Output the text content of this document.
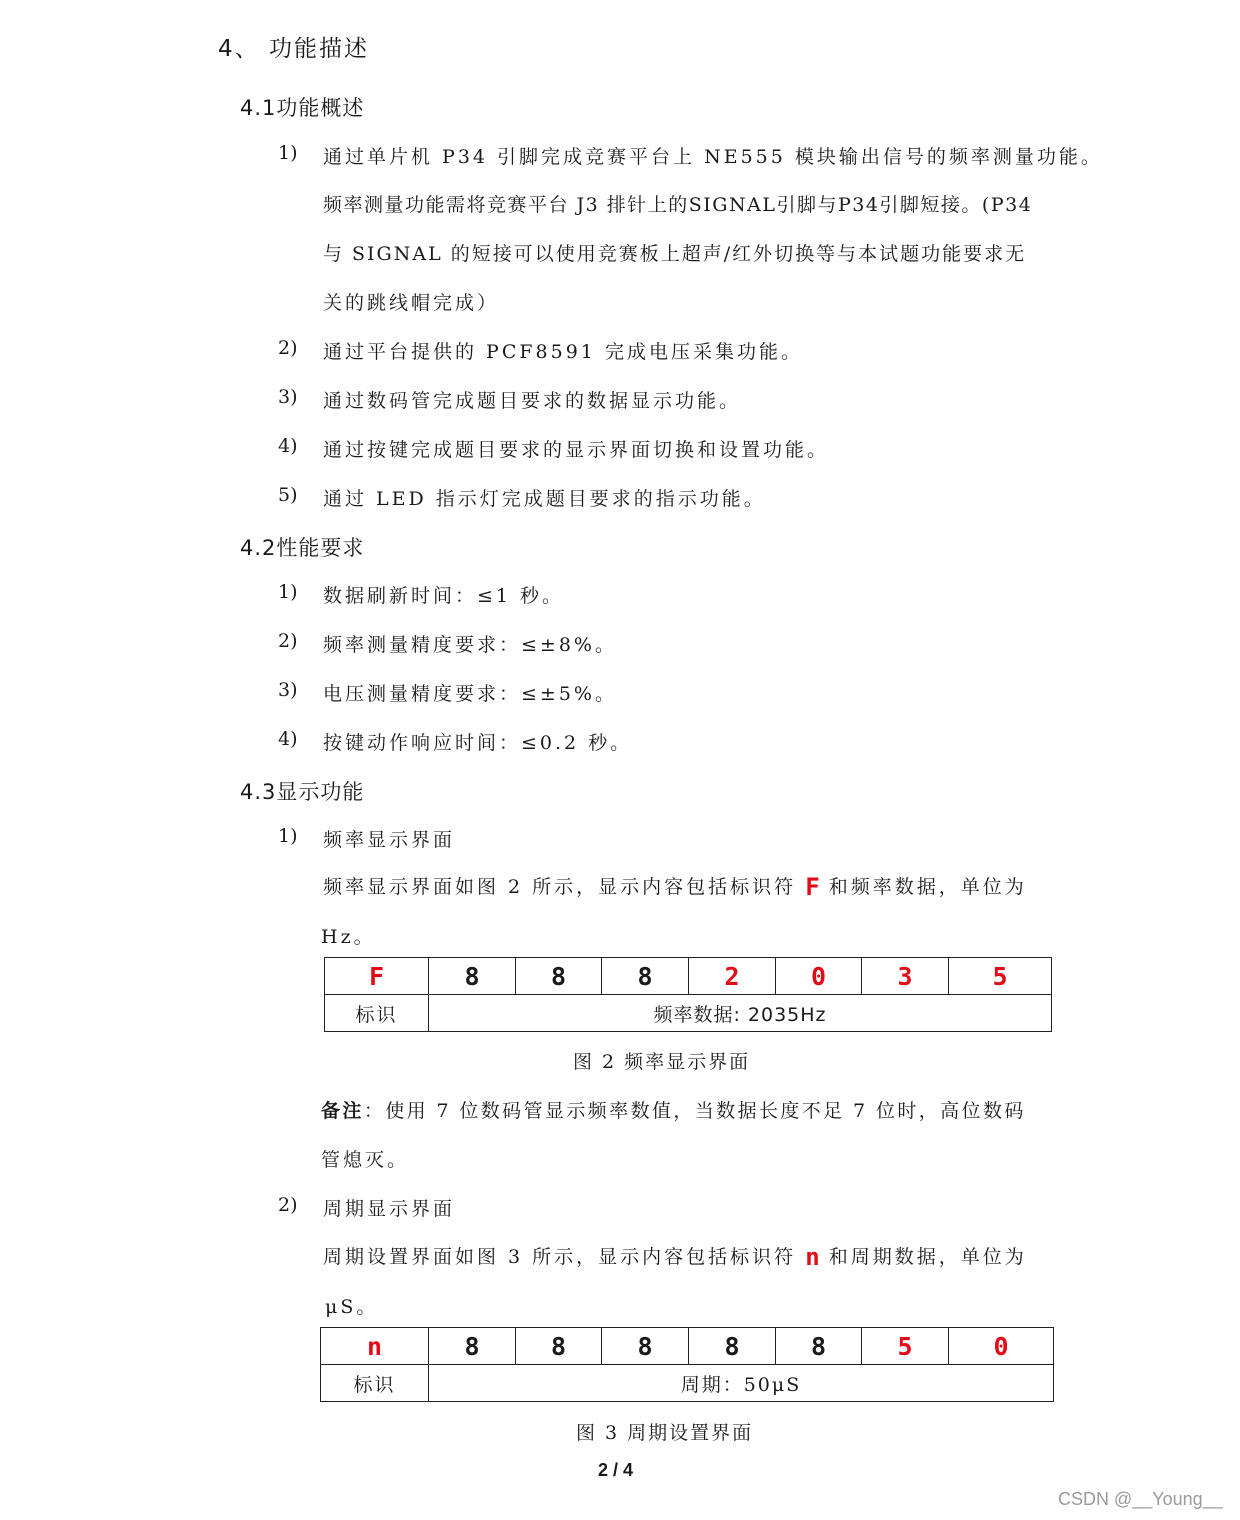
4、 功能描述
4.1功能概述
1) 通过单片机 P34 引脚完成竞赛平台上 NE555 模块输出信号的频率测量功能。
频率测量功能需将竞赛平台 J3 排针上的SIGNAL引脚与P34引脚短接。(P34
与 SIGNAL 的短接可以使用竞赛板上超声/红外切换等与本试题功能要求无
关的跳线帽完成）
2) 通过平台提供的 PCF8591 完成电压采集功能。
3) 通过数码管完成题目要求的数据显示功能。
4) 通过按键完成题目要求的显示界面切换和设置功能。
5) 通过 LED 指示灯完成题目要求的指示功能。
4.2性能要求
1) 数据刷新时间：≤1 秒。
2) 频率测量精度要求：≤±8%。
3) 电压测量精度要求：≤±5%。
4) 按键动作响应时间：≤0.2 秒。
4.3显示功能
1) 频率显示界面
频率显示界面如图 2 所示，显示内容包括标识符 F 和频率数据，单位为
Hz。
F	8	8	8	2	0	3	5
标识	频率数据: 2035Hz						
图 2 频率显示界面
备注：使用 7 位数码管显示频率数值，当数据长度不足 7 位时，高位数码
管熄灭。
2) 周期显示界面
周期设置界面如图 3 所示，显示内容包括标识符 n 和周期数据，单位为
μS。
n	8	8	8	8	8	5	0
标识	周期：50μS						
图 3 周期设置界面
2 / 4
CSDN @__Young__
